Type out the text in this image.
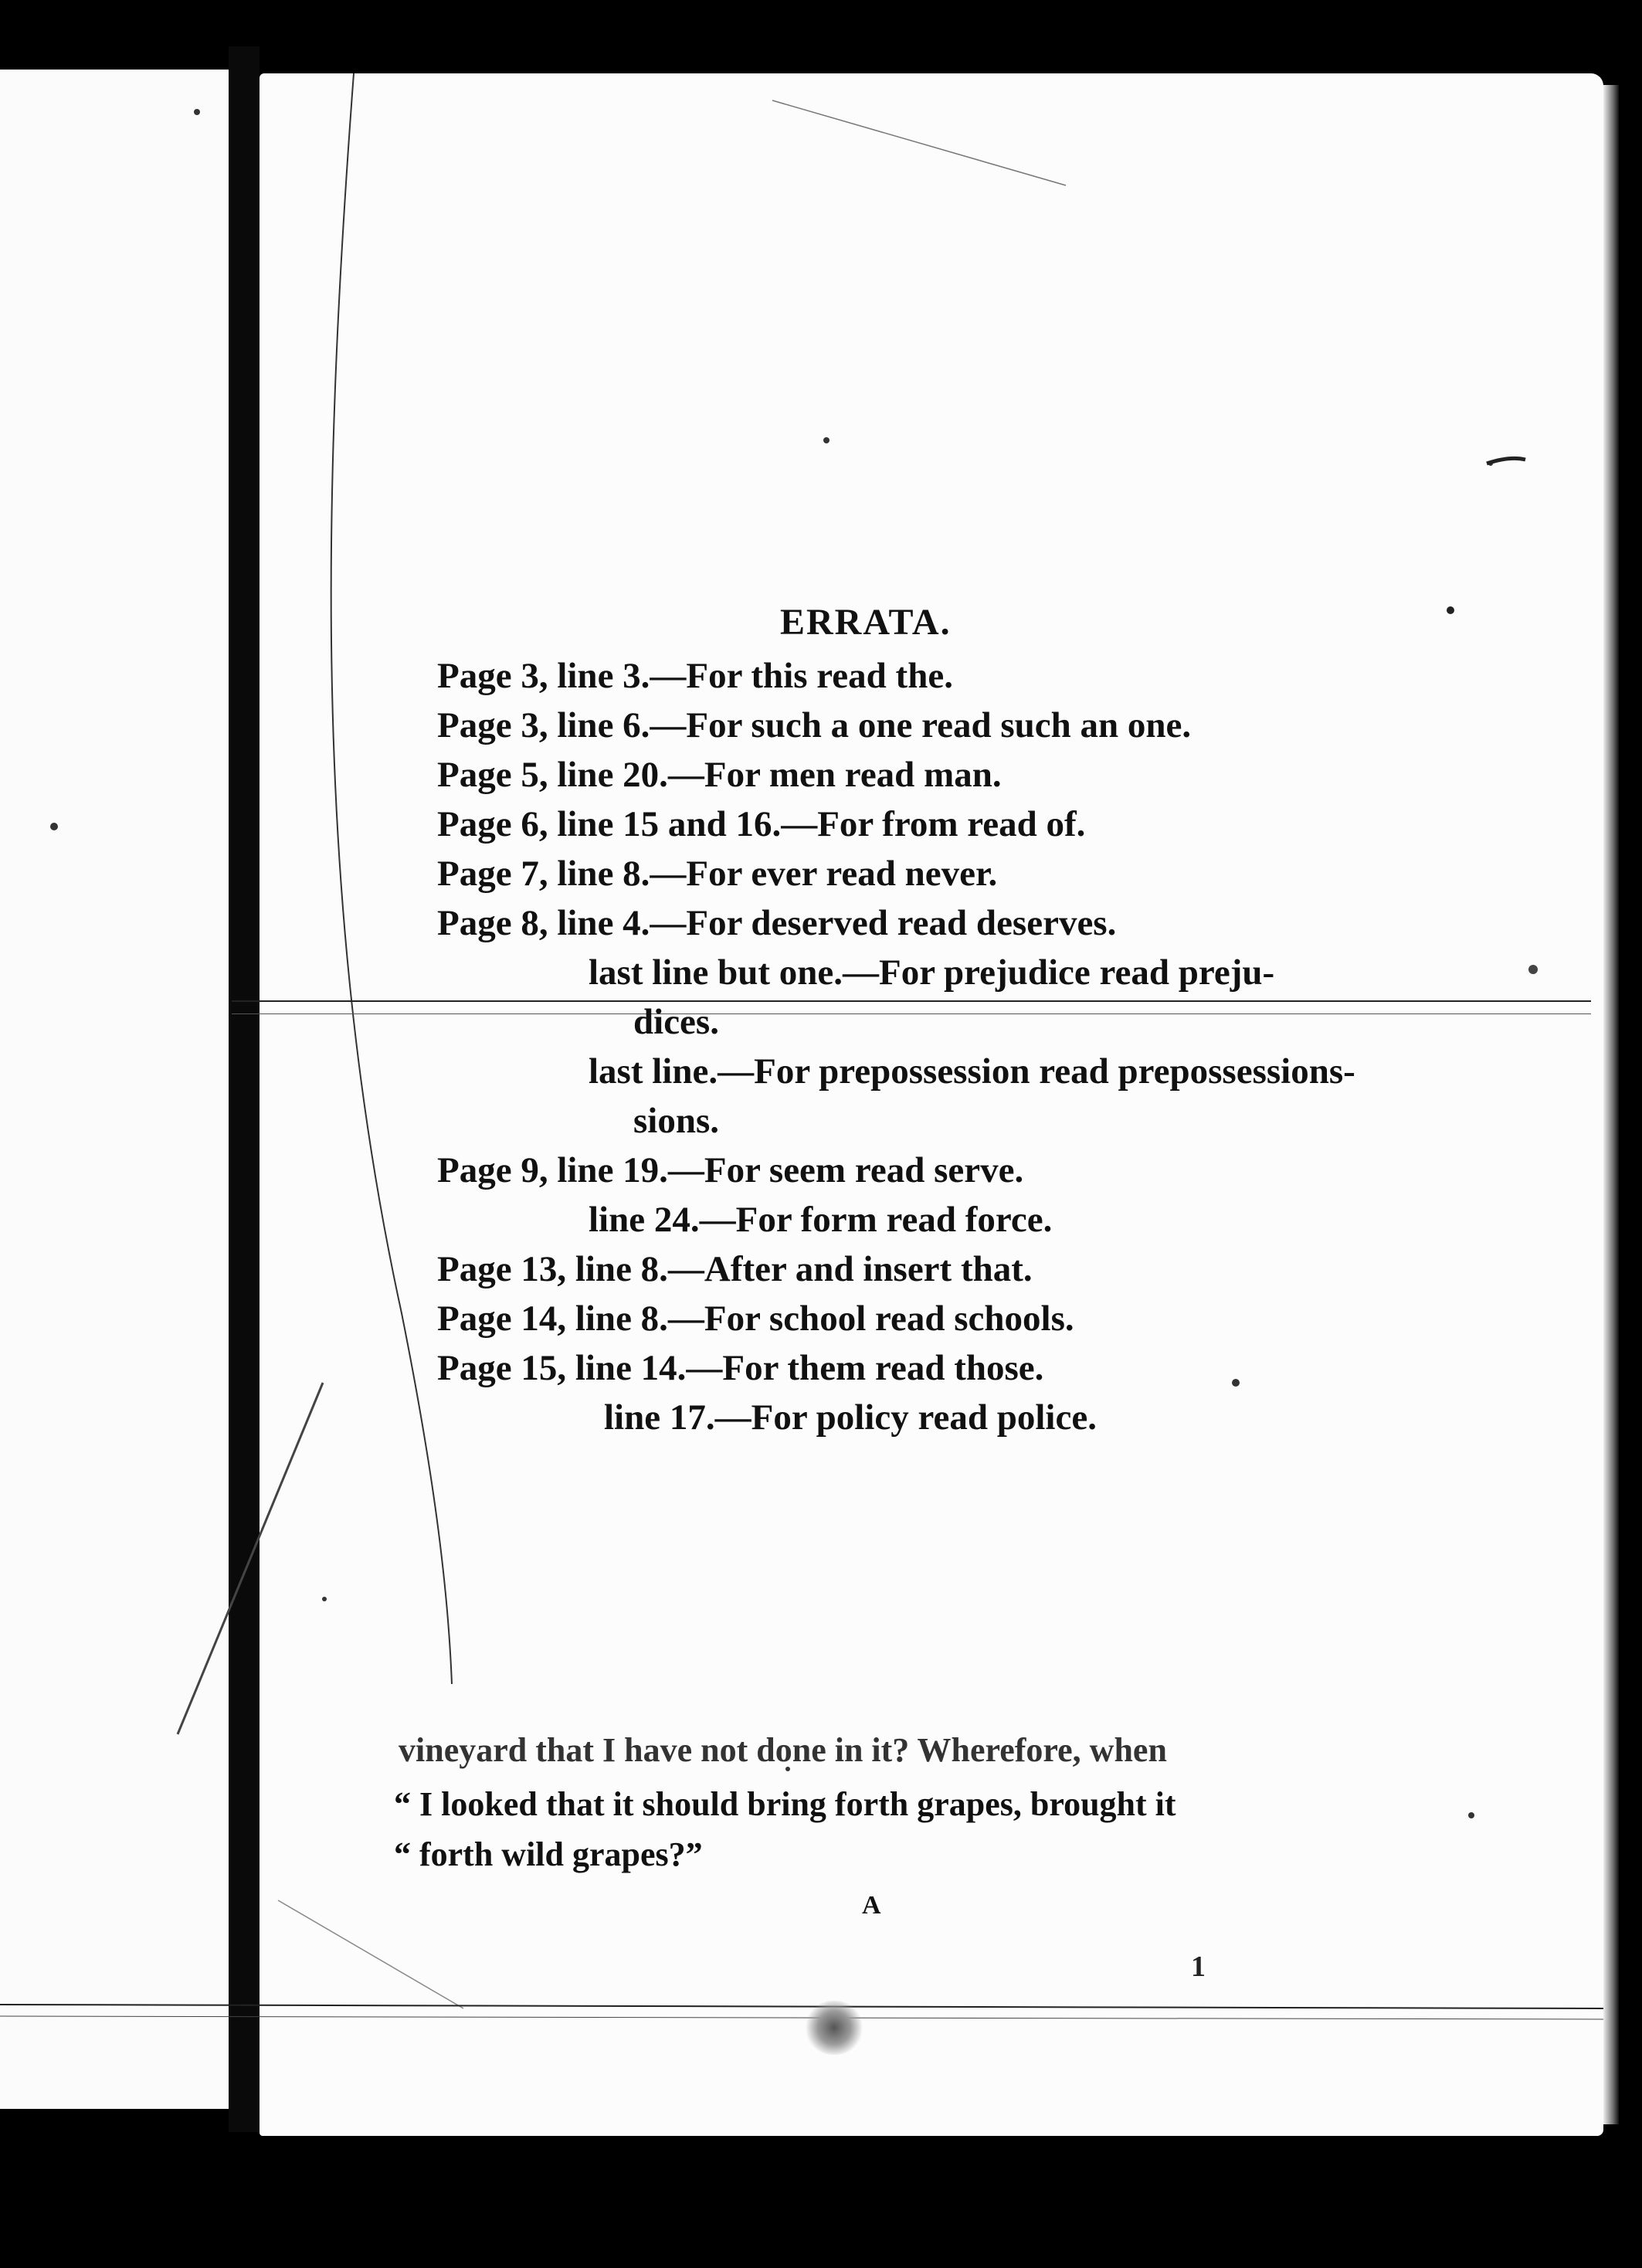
ERRATA.

Page 3, line 3.—For this read the.

Page 3, line 6.—For such a one read such an one.

Page 5, line 20.—For men read man.

Page 6, line 15 and 16.—For from read of.

Page 7, line 8.—For ever read never.

Page 8, line 4.—For deserved read deserves.

last line but one.—For prejudice read preju-

dices.

last line.—For prepossession read prepossessions-

sions.

Page 9, line 19.—For seem read serve.

line 24.—For form read force.

Page 13, line 8.—After and insert that.

Page 14, line 8.—For school read schools.

Page 15, line 14.—For them read those.

line 17.—For policy read police.

vineyard that I have not done in it? Wherefore, when

“ I looked that it should bring forth grapes, brought it

“ forth wild grapes?”

A

1
